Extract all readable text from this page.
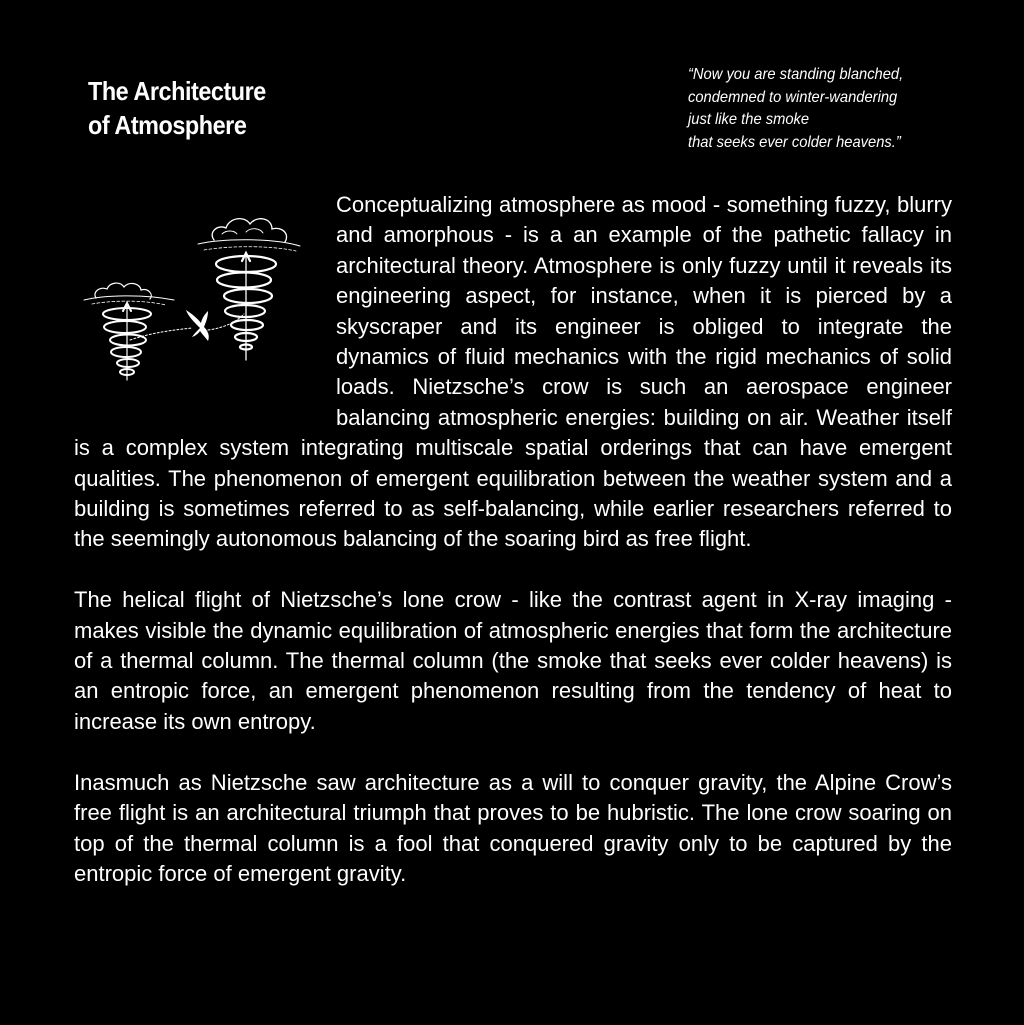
The Architecture
of Atmosphere
“Now you are standing blanched,
condemned to winter-wandering
just like the smoke
that seeks ever colder heavens.”

Conceptualizing atmosphere as mood - something fuzzy, blurry and amorphous - is a an example of the pathetic fallacy in architectural theory. Atmosphere is only fuzzy until it reveals its engineering aspect, for instance, when it is pierced by a skyscraper and its engineer is obliged to integrate the dynamics of fluid mechanics with the rigid mechanics of solid loads. Nietzsche’s crow is such an aerospace engineer balancing atmospheric energies: building on air. Weather itself is a complex system integrating multiscale spatial orderings that can have emergent qualities. The phenomenon of emergent equilibration between the weather system and a building is sometimes referred to as self-balancing, while earlier researchers referred to the seemingly autonomous balancing of the soaring bird as free flight.

The helical flight of Nietzsche’s lone crow - like the contrast agent in X-ray imaging - makes visible the dynamic equilibration of atmospheric energies that form the architecture of a thermal column. The thermal column (the smoke that seeks ever colder heavens) is an entropic force, an emergent phenomenon resulting from the tendency of heat to increase its own entropy.

Inasmuch as Nietzsche saw architecture as a will to conquer gravity, the Alpine Crow’s free flight is an architectural triumph that proves to be hubristic. The lone crow soaring on top of the thermal column is a fool that conquered gravity only to be captured by the entropic force of emergent gravity.
